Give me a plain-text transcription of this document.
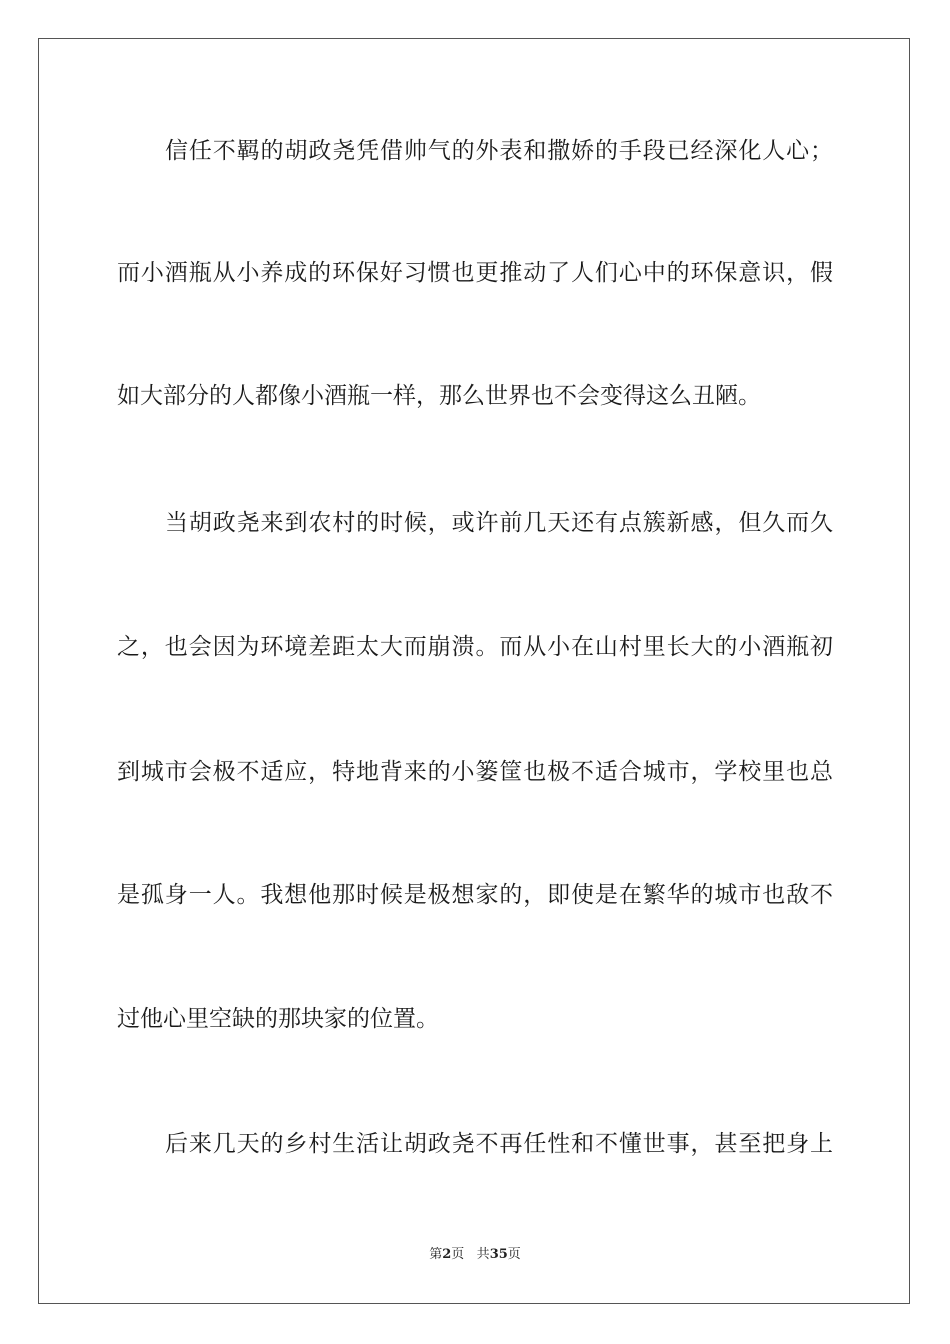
信任不羁的胡政尧凭借帅气的外表和撒娇的手段已经深化人心；
而小酒瓶从小养成的环保好习惯也更推动了人们心中的环保意识，假
如大部分的人都像小酒瓶一样，那么世界也不会变得这么丑陋。
当胡政尧来到农村的时候，或许前几天还有点簇新感，但久而久
之，也会因为环境差距太大而崩溃。而从小在山村里长大的小酒瓶初
到城市会极不适应，特地背来的小篓筐也极不适合城市，学校里也总
是孤身一人。我想他那时候是极想家的，即使是在繁华的城市也敌不
过他心里空缺的那块家的位置。
后来几天的乡村生活让胡政尧不再任性和不懂世事，甚至把身上
第2页 共35页
